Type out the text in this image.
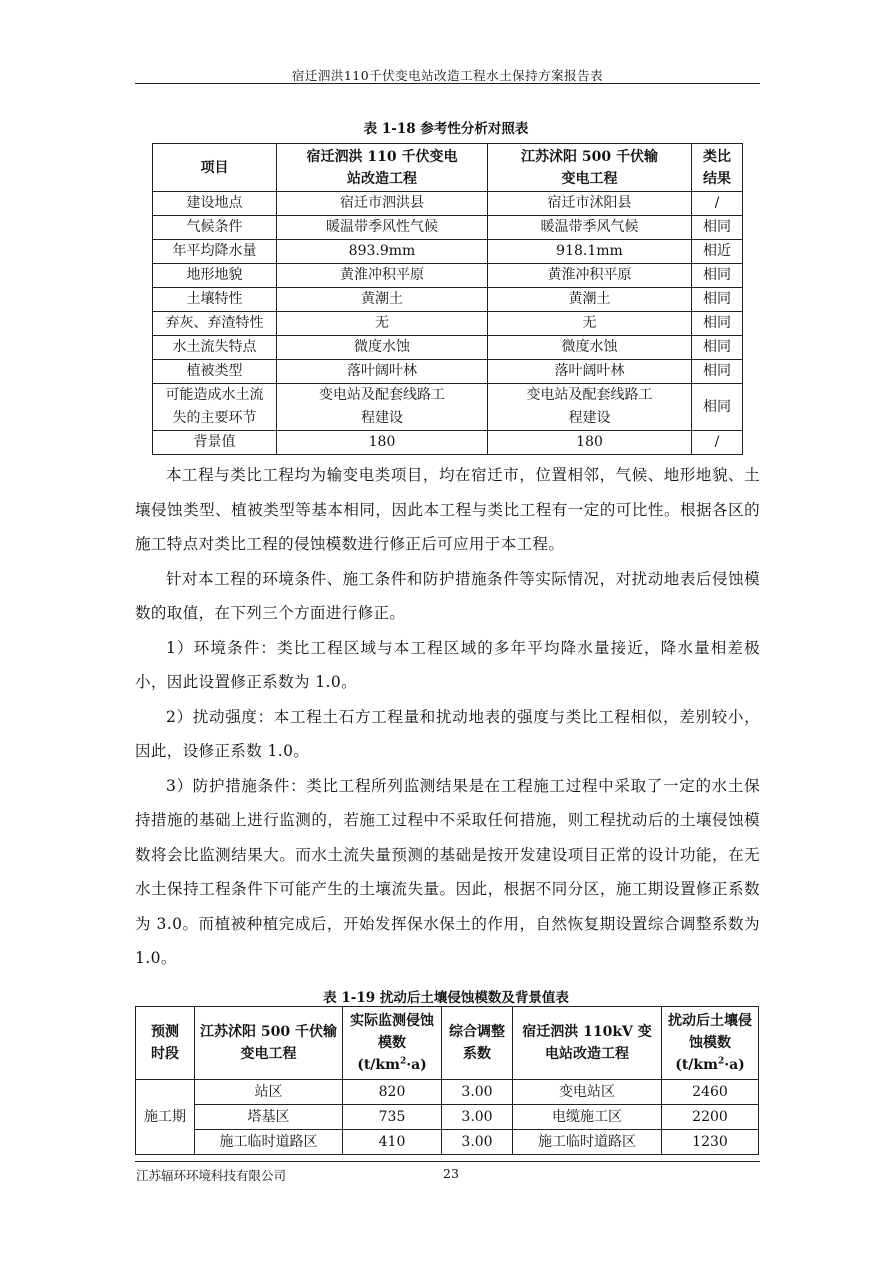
宿迁泗洪110千伏变电站改造工程水土保持方案报告表
表 1-18 参考性分析对照表
项目	宿迁泗洪 110 千伏变电站改造工程	江苏沭阳 500 千伏输变电工程	类比结果
建设地点	宿迁市泗洪县	宿迁市沭阳县	/
气候条件	暖温带季风性气候	暖温带季风气候	相同
年平均降水量	893.9mm	918.1mm	相近
地形地貌	黄淮冲积平原	黄淮冲积平原	相同
土壤特性	黄潮土	黄潮土	相同
弃灰、弃渣特性	无	无	相同
水土流失特点	微度水蚀	微度水蚀	相同
植被类型	落叶阔叶林	落叶阔叶林	相同
可能造成水土流失的主要环节	变电站及配套线路工程建设	变电站及配套线路工程建设	相同
背景值	180	180	/

本工程与类比工程均为输变电类项目，均在宿迁市，位置相邻，气候、地形地貌、土壤侵蚀类型、植被类型等基本相同，因此本工程与类比工程有一定的可比性。根据各区的施工特点对类比工程的侵蚀模数进行修正后可应用于本工程。

针对本工程的环境条件、施工条件和防护措施条件等实际情况，对扰动地表后侵蚀模数的取值，在下列三个方面进行修正。

1）环境条件：类比工程区域与本工程区域的多年平均降水量接近，降水量相差极小，因此设置修正系数为 1.0。

2）扰动强度：本工程土石方工程量和扰动地表的强度与类比工程相似，差别较小，因此，设修正系数 1.0。

3）防护措施条件：类比工程所列监测结果是在工程施工过程中采取了一定的水土保持措施的基础上进行监测的，若施工过程中不采取任何措施，则工程扰动后的土壤侵蚀模数将会比监测结果大。而水土流失量预测的基础是按开发建设项目正常的设计功能，在无水土保持工程条件下可能产生的土壤流失量。因此，根据不同分区，施工期设置修正系数为 3.0。而植被种植完成后，开始发挥保水保土的作用，自然恢复期设置综合调整系数为 1.0。

表 1-19 扰动后土壤侵蚀模数及背景值表
预测时段	江苏沭阳 500 千伏输变电工程	实际监测侵蚀模数$(t/km^2\cdot a)$	综合调整系数	宿迁泗洪 110kV 变电站改造工程	扰动后土壤侵蚀模数
$(t/km^2\cdot a)$
施工期	站区	820	3.00	变电站区	2460
	塔基区	735	3.00	电缆施工区	2200
	施工临时道路区	410	3.00	施工临时道路区	1230
江苏辐环环境科技有限公司	23
